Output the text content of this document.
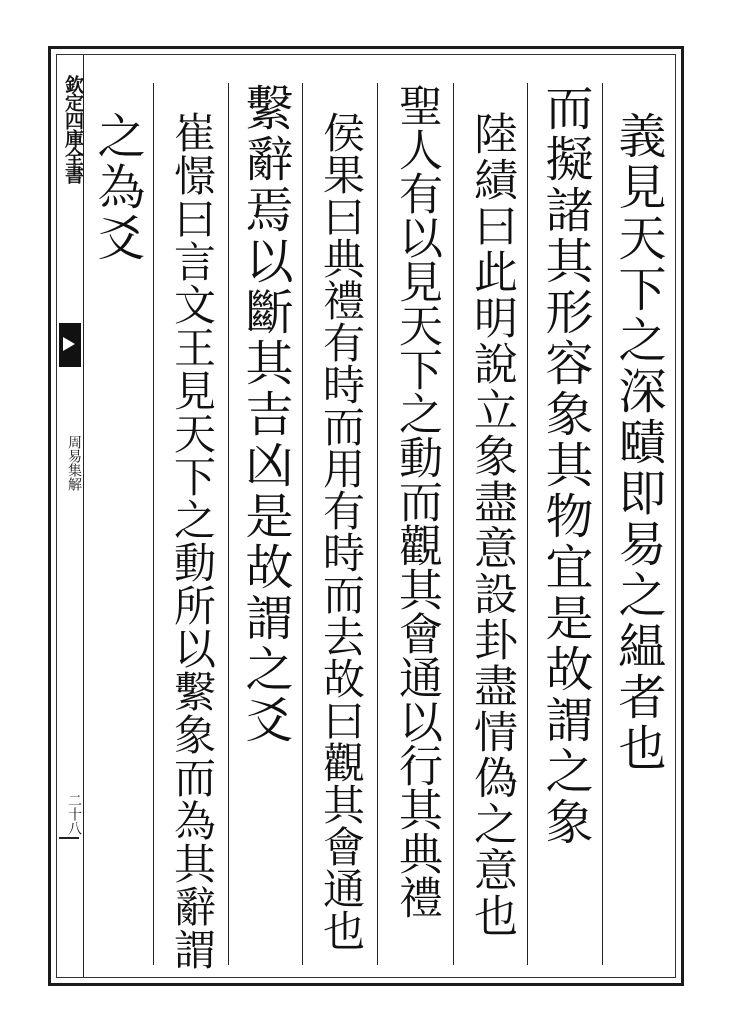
欽定四庫全書
周易集解
二十八
義見天下之深賾即易之緼者也
而擬諸其形容象其物宜是故謂之象
陸績曰此明說立象盡意設卦盡情偽之意也
聖人有以見天下之動而觀其會通以行其典禮
侯果曰典禮有時而用有時而去故曰觀其會通也
繫辭焉以斷其吉凶是故謂之爻
崔憬曰言文王見天下之動所以繫象而為其辭謂
之為爻
